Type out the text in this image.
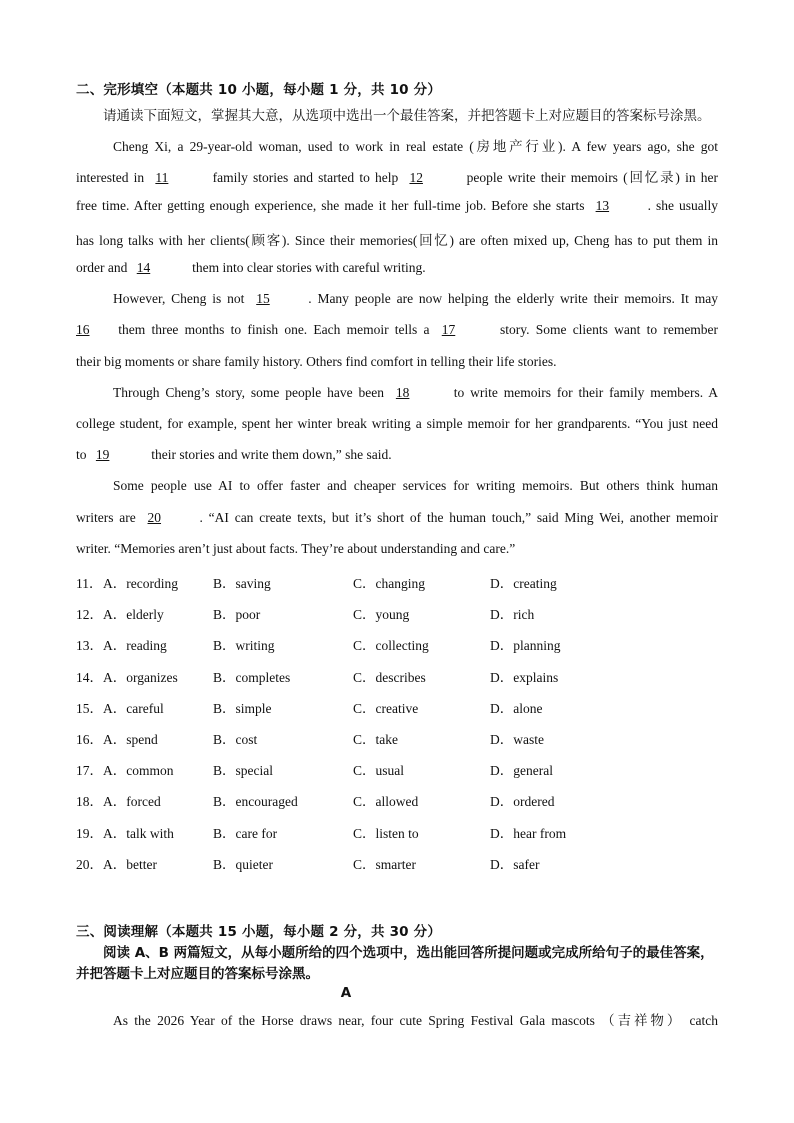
二、完形填空（本题共 10 小题，每小题 1 分，共 10 分）
请通读下面短文，掌握其大意，从选项中选出一个最佳答案，并把答题卡上对应题目的答案标号涂黑。
Cheng Xi, a 29-year-old woman, used to work in real estate (房地产行业). A few years ago, she got
interested in 11	family stories and started to help 12	people write their memoirs (回忆录) in her
free time. After getting enough experience, she made it her full-time job. Before she starts 13	. she usually
has long talks with her clients(顾客). Since their memories(回忆) are often mixed up, Cheng has to put them in
order and 14	them into clear stories with careful writing.
However, Cheng is not 15	. Many people are now helping the elderly write their memoirs. It may
16 them three months to finish one. Each memoir tells a 17	story. Some clients want to remember
their big moments or share family history. Others find comfort in telling their life stories.
Through Cheng’s story, some people have been 18	to write memoirs for their family members. A
college student, for example, spent her winter break writing a simple memoir for her grandparents. “You just need
to 19	their stories and write them down,” she said.
Some people use AI to offer faster and cheaper services for writing memoirs. But others think human
writers are 20	. “AI can create texts, but it’s short of the human touch,” said Ming Wei, another memoir
writer. “Memories aren’t just about facts. They’re about understanding and care.”
11． A．recording	B．saving	C．changing	D．creating
12． A．elderly	B．poor	C．young	D．rich
13． A．reading	B．writing	C．collecting	D．planning
14． A．organizes	B．completes	C．describes	D．explains
15． A．careful	B．simple	C．creative	D．alone
16． A．spend	B．cost	C．take	D．waste
17． A．common	B．special	C．usual	D．general
18． A．forced	B．encouraged	C．allowed	D．ordered
19． A．talk with	B．care for	C．listen to	D．hear from
20． A．better	B．quieter	C．smarter	D．safer
三、阅读理解（本题共 15 小题，每小题 2 分，共 30 分）
阅读 A、B 两篇短文，从每小题所给的四个选项中，选出能回答所提问题或完成所给句子的最佳答案，
并把答题卡上对应题目的答案标号涂黑。
A
As the 2026 Year of the Horse draws near, four cute Spring Festival Gala mascots （吉祥物） catch
